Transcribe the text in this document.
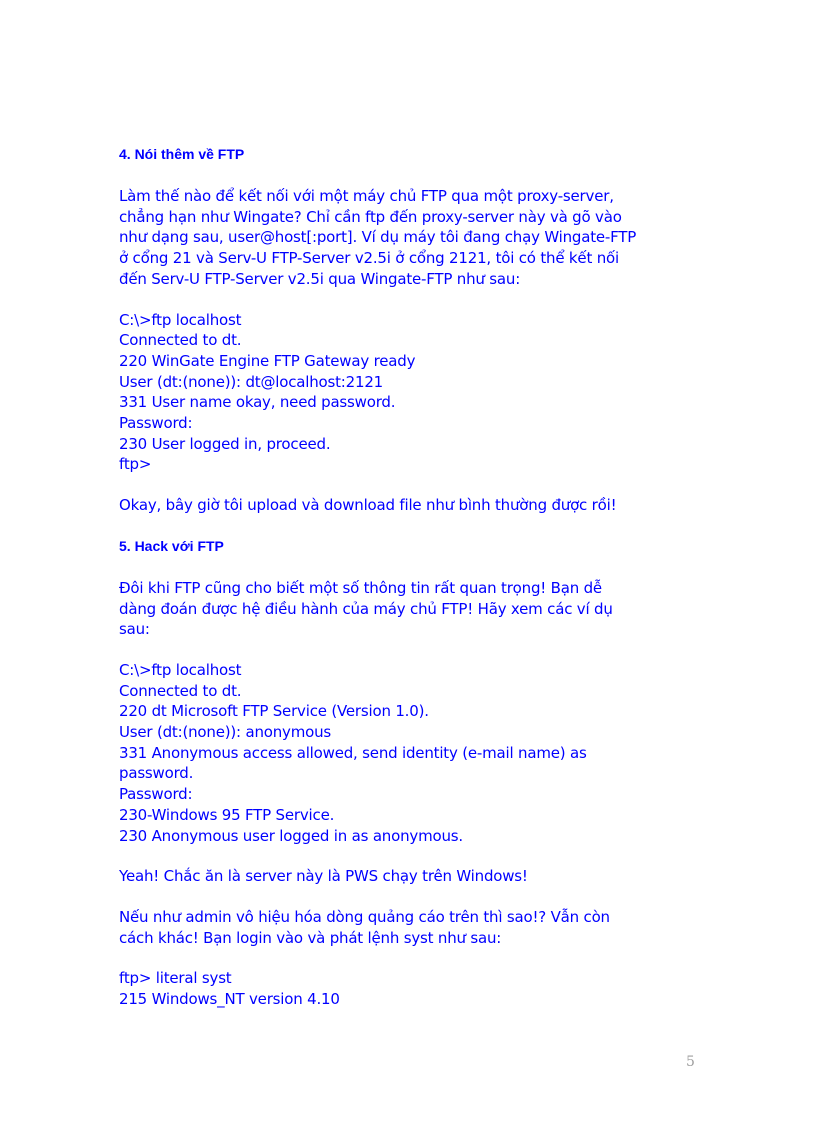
4. Nói thêm về FTP

Làm thế nào để kết nối với một máy chủ FTP qua một proxy-server,

chẳng hạn như Wingate? Chỉ cần ftp đến proxy-server này và gõ vào

như dạng sau, user@host[:port]. Ví dụ máy tôi đang chạy Wingate-FTP

ở cổng 21 và Serv-U FTP-Server v2.5i ở cổng 2121, tôi có thể kết nối

đến Serv-U FTP-Server v2.5i qua Wingate-FTP như sau:

C:\>ftp localhost

Connected to dt.

220 WinGate Engine FTP Gateway ready

User (dt:(none)): dt@localhost:2121

331 User name okay, need password.

Password:

230 User logged in, proceed.

ftp>

Okay, bây giờ tôi upload và download file như bình thường được rồi!

5. Hack với FTP

Đôi khi FTP cũng cho biết một số thông tin rất quan trọng! Bạn dễ

dàng đoán được hệ điều hành của máy chủ FTP! Hãy xem các ví dụ

sau:

C:\>ftp localhost

Connected to dt.

220 dt Microsoft FTP Service (Version 1.0).

User (dt:(none)): anonymous

331 Anonymous access allowed, send identity (e-mail name) as

password.

Password:

230-Windows 95 FTP Service.

230 Anonymous user logged in as anonymous.

Yeah! Chắc ăn là server này là PWS chạy trên Windows!

Nếu như admin vô hiệu hóa dòng quảng cáo trên thì sao!? Vẫn còn

cách khác! Bạn login vào và phát lệnh syst như sau:

ftp> literal syst

215 Windows_NT version 4.10

5
